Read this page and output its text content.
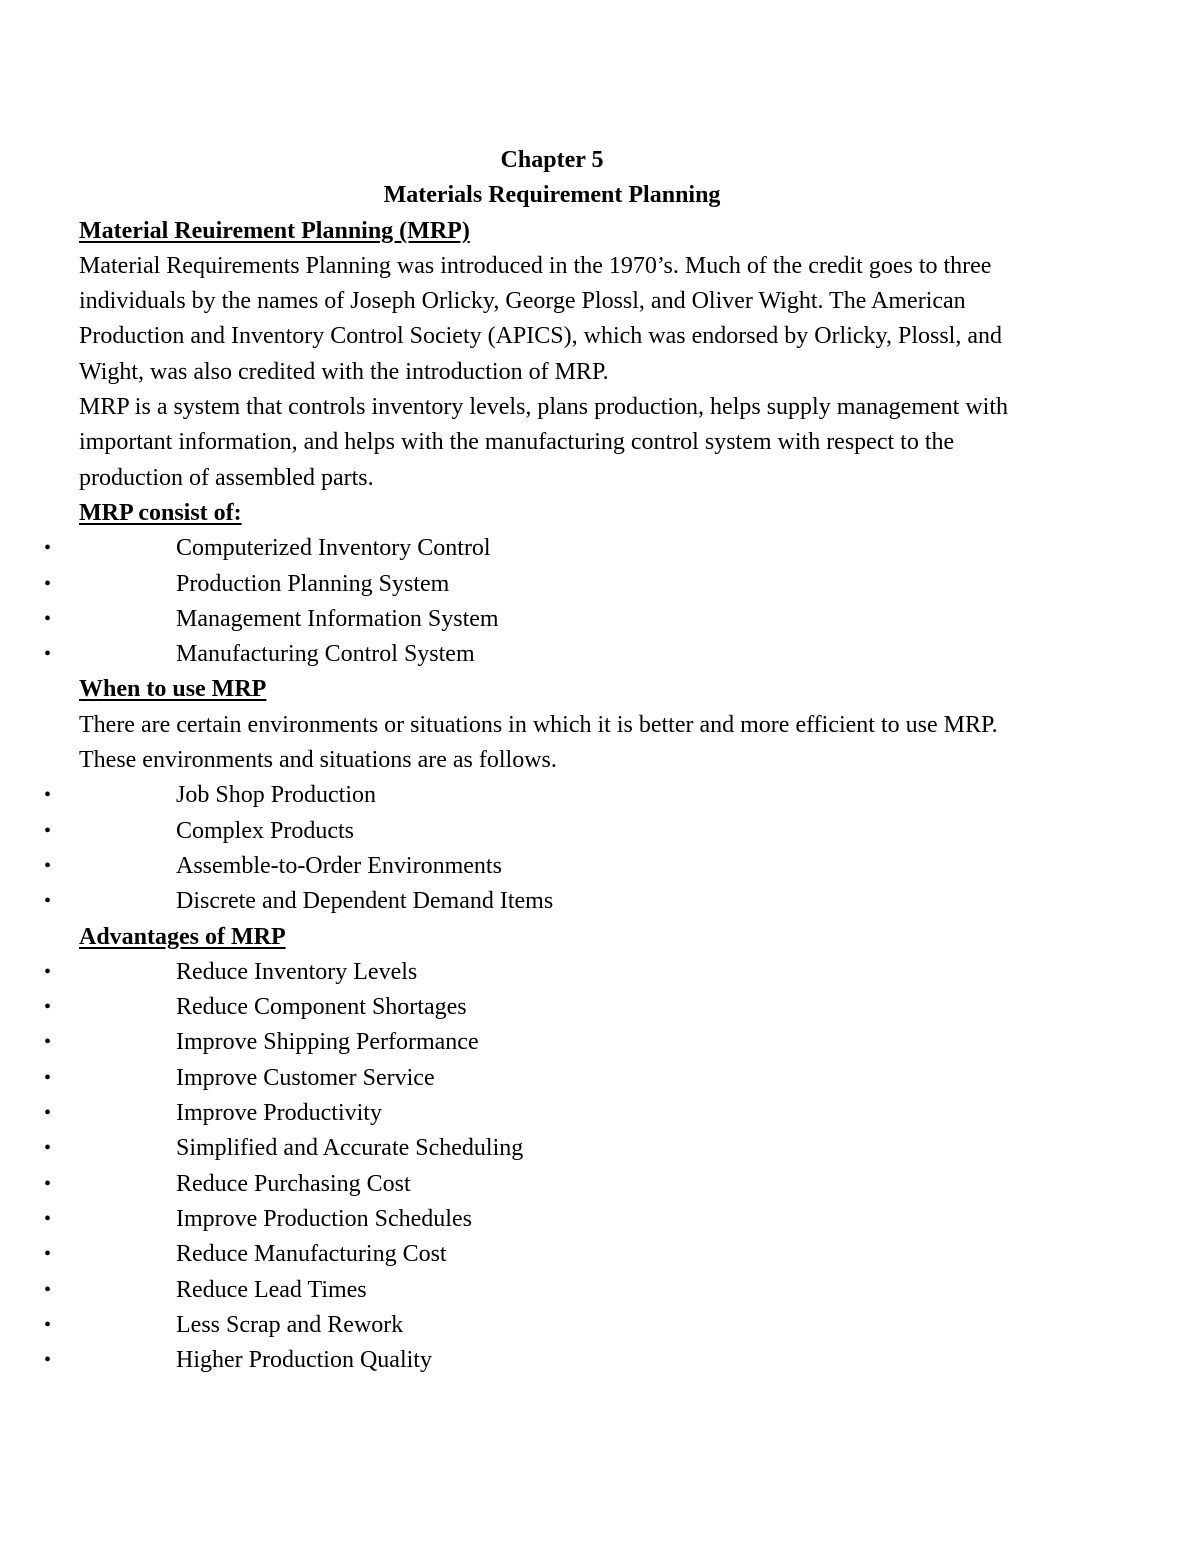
Chapter 5

Materials Requirement Planning

Material Reuirement Planning (MRP)

Material Requirements Planning was introduced in the 1970’s. Much of the credit goes to three individuals by the names of Joseph Orlicky, George Plossl, and Oliver Wight. The American Production and Inventory Control Society (APICS), which was endorsed by Orlicky, Plossl, and Wight, was also credited with the introduction of MRP.

MRP is a system that controls inventory levels, plans production, helps supply management with important information, and helps with the manufacturing control system with respect to the production of assembled parts.

MRP consist of:

•	Computerized Inventory Control
•	Production Planning System
•	Management Information System
•	Manufacturing Control System

When to use MRP

There are certain environments or situations in which it is better and more efficient to use MRP. These environments and situations are as follows.

•	Job Shop Production
•	Complex Products
•	Assemble-to-Order Environments
•	Discrete and Dependent Demand Items

Advantages of MRP

•	Reduce Inventory Levels
•	Reduce Component Shortages
•	Improve Shipping Performance
•	Improve Customer Service
•	Improve Productivity
•	Simplified and Accurate Scheduling
•	Reduce Purchasing Cost
•	Improve Production Schedules
•	Reduce Manufacturing Cost
•	Reduce Lead Times
•	Less Scrap and Rework
•	Higher Production Quality
